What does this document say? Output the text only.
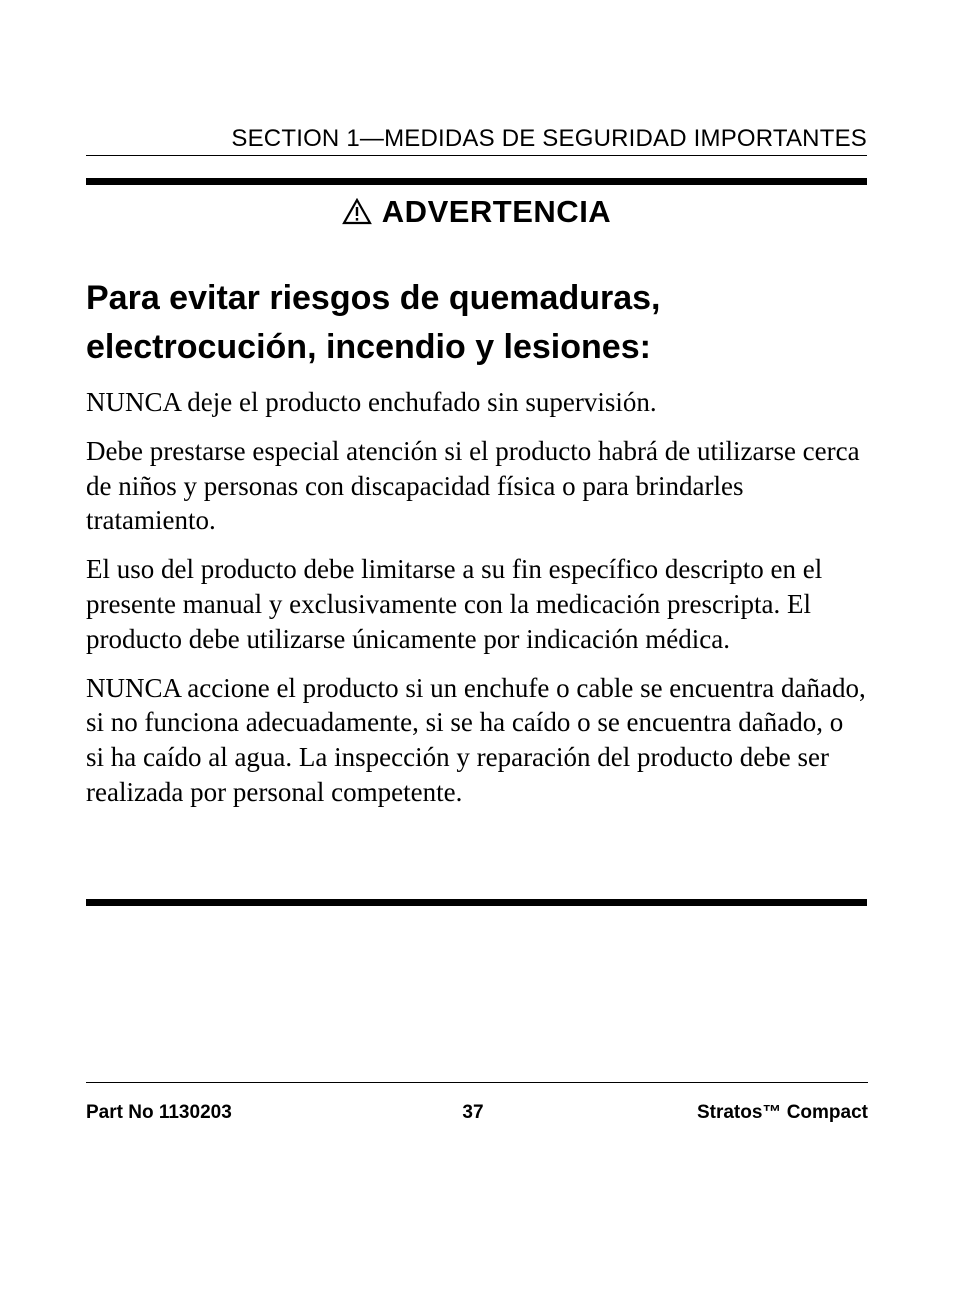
SECTION 1—MEDIDAS DE SEGURIDAD IMPORTANTES
ADVERTENCIA
Para evitar riesgos de quemaduras,
electrocución, incendio y lesiones:

NUNCA deje el producto enchufado sin supervisión.

Debe prestarse especial atención si el producto habrá de utilizarse cerca de niños y personas con discapacidad física o para brindarles tratamiento.

El uso del producto debe limitarse a su fin específico descripto en el presente manual y exclusivamente con la medicación prescripta. El producto debe utilizarse únicamente por indicación médica.

NUNCA accione el producto si un enchufe o cable se encuentra dañado, si no funciona adecuadamente, si se ha caído o se encuentra dañado, o si ha caído al agua. La inspección y reparación del producto debe ser realizada por personal competente.

Part No 1130203	37	Stratos™ Compact
